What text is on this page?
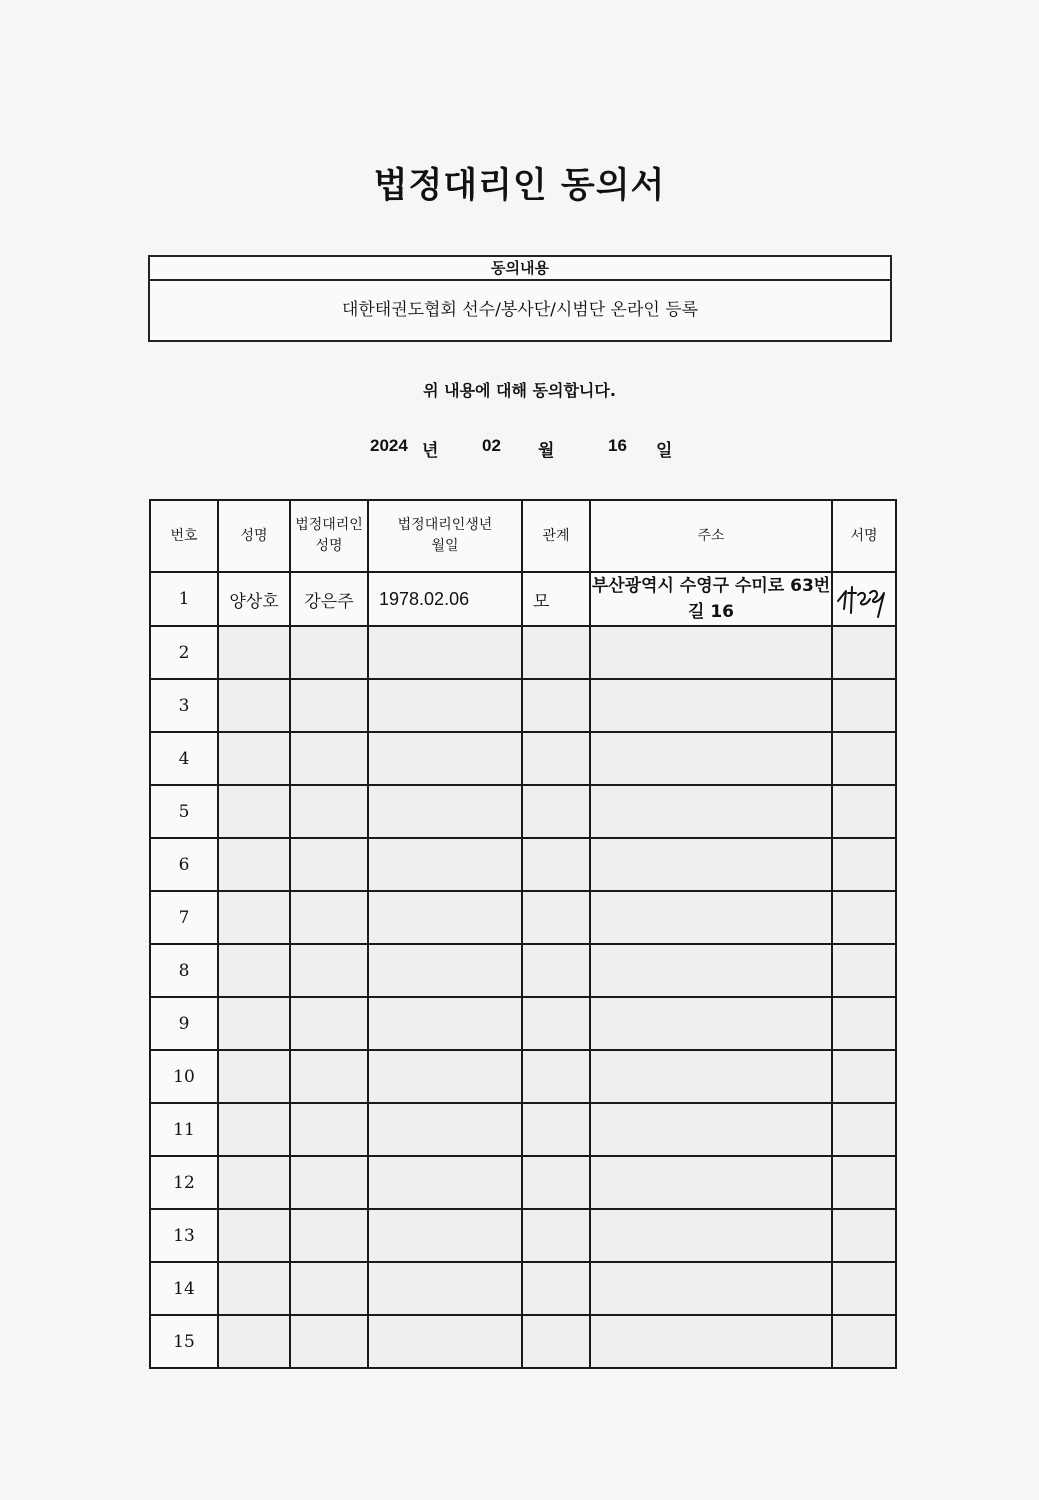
법정대리인 동의서
동의내용
대한태권도협회 선수/봉사단/시범단 온라인 등록
위 내용에 대해 동의합니다.
2024 년	02 월	16 일
번호	성명	법정대리인성명	법정대리인생년월일	관계	주소	서명
1	양상호	강은주	1978.02.06	모	부산광역시 수영구 수미로 63번길 16	

2						
3						
4						
5						
6						
7						
8						
9						
10						
11						
12						
13						
14						
15						
